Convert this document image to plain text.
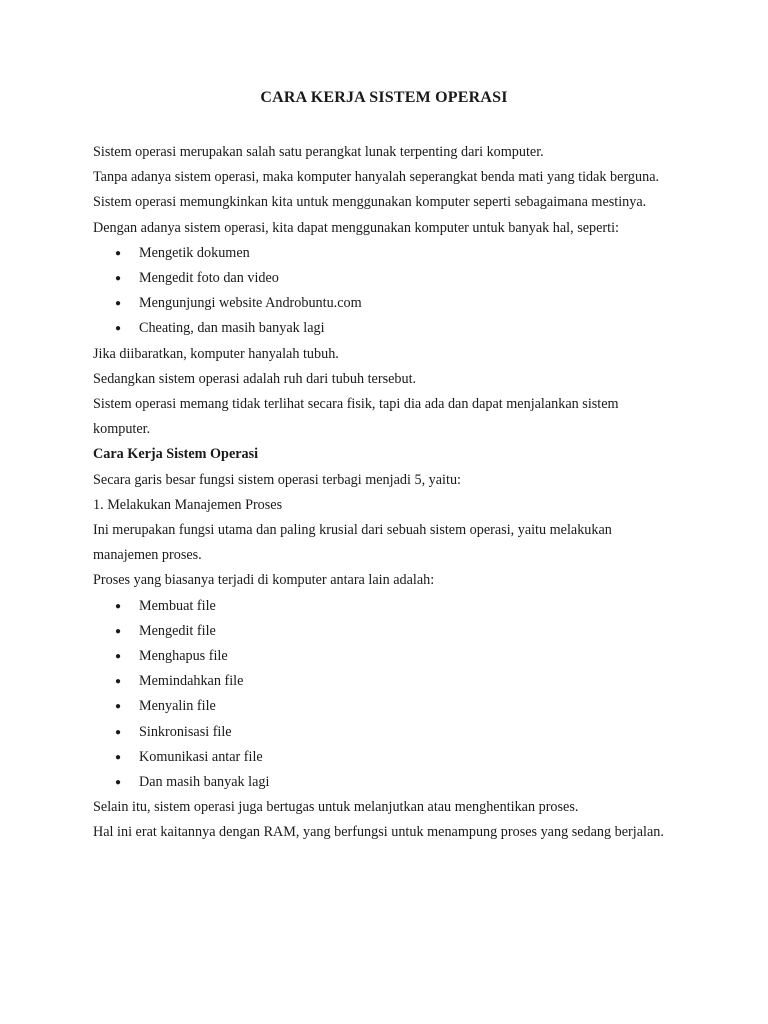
CARA KERJA SISTEM OPERASI

Sistem operasi merupakan salah satu perangkat lunak terpenting dari komputer.

Tanpa adanya sistem operasi, maka komputer hanyalah seperangkat benda mati yang tidak berguna.

Sistem operasi memungkinkan kita untuk menggunakan komputer seperti sebagaimana mestinya.

Dengan adanya sistem operasi, kita dapat menggunakan komputer untuk banyak hal, seperti:

● Mengetik dokumen
● Mengedit foto dan video
● Mengunjungi website Androbuntu.com
● Cheating, dan masih banyak lagi

Jika diibaratkan, komputer hanyalah tubuh.

Sedangkan sistem operasi adalah ruh dari tubuh tersebut.

Sistem operasi memang tidak terlihat secara fisik, tapi dia ada dan dapat menjalankan sistem komputer.

Cara Kerja Sistem Operasi

Secara garis besar fungsi sistem operasi terbagi menjadi 5, yaitu:

1. Melakukan Manajemen Proses

Ini merupakan fungsi utama dan paling krusial dari sebuah sistem operasi, yaitu melakukan manajemen proses.

Proses yang biasanya terjadi di komputer antara lain adalah:

● Membuat file
● Mengedit file
● Menghapus file
● Memindahkan file
● Menyalin file
● Sinkronisasi file
● Komunikasi antar file
● Dan masih banyak lagi

Selain itu, sistem operasi juga bertugas untuk melanjutkan atau menghentikan proses.

Hal ini erat kaitannya dengan RAM, yang berfungsi untuk menampung proses yang sedang berjalan.
